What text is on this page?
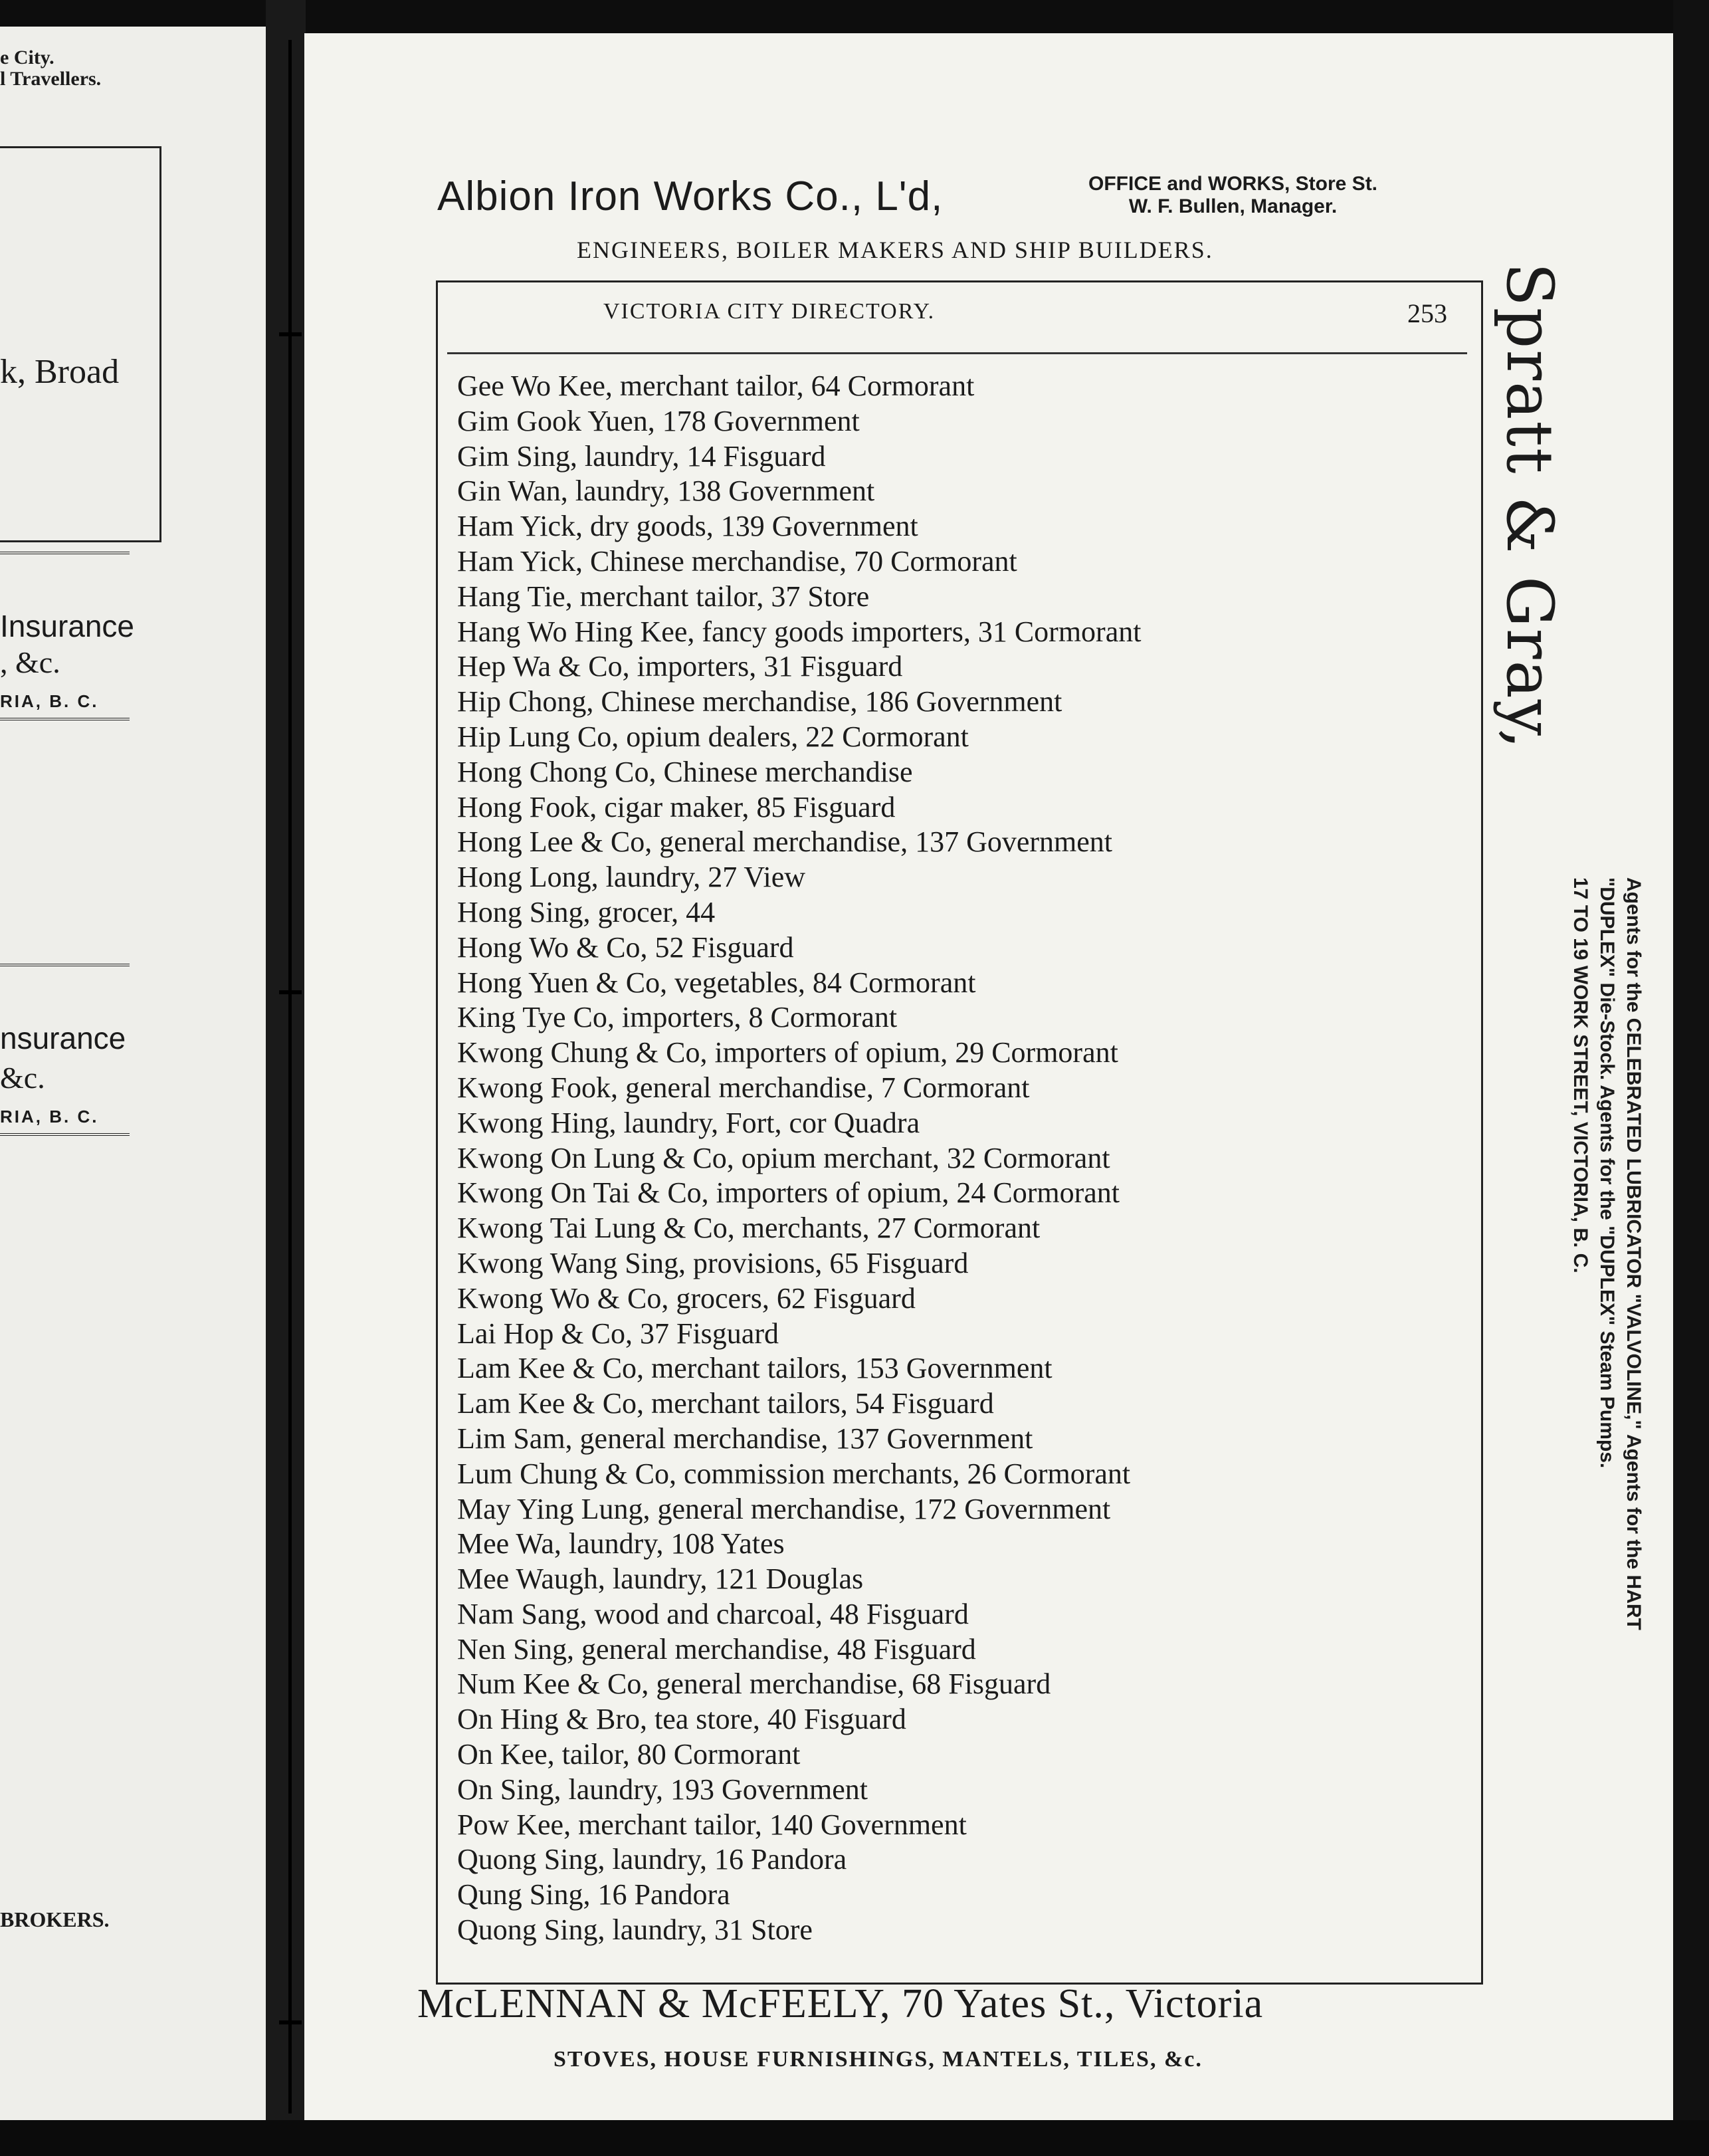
e City.
l Travellers.
k, Broad
Insurance
, &c.
RIA, B. C.
nsurance
&c.
RIA, B. C.
BROKERS.
Albion Iron Works Co., L'd,	OFFICE and WORKS, Store St.
W. F. Bullen, Manager.
ENGINEERS, BOILER MAKERS AND SHIP BUILDERS.
VICTORIA CITY DIRECTORY.	253
Gee Wo Kee, merchant tailor, 64 Cormorant
Gim Gook Yuen, 178 Government
Gim Sing, laundry, 14 Fisguard
Gin Wan, laundry, 138 Government
Ham Yick, dry goods, 139 Government
Ham Yick, Chinese merchandise, 70 Cormorant
Hang Tie, merchant tailor, 37 Store
Hang Wo Hing Kee, fancy goods importers, 31 Cormorant
Hep Wa & Co, importers, 31 Fisguard
Hip Chong, Chinese merchandise, 186 Government
Hip Lung Co, opium dealers, 22 Cormorant
Hong Chong Co, Chinese merchandise
Hong Fook, cigar maker, 85 Fisguard
Hong Lee & Co, general merchandise, 137 Government
Hong Long, laundry, 27 View
Hong Sing, grocer, 44
Hong Wo & Co, 52 Fisguard
Hong Yuen & Co, vegetables, 84 Cormorant
King Tye Co, importers, 8 Cormorant
Kwong Chung & Co, importers of opium, 29 Cormorant
Kwong Fook, general merchandise, 7 Cormorant
Kwong Hing, laundry, Fort, cor Quadra
Kwong On Lung & Co, opium merchant, 32 Cormorant
Kwong On Tai & Co, importers of opium, 24 Cormorant
Kwong Tai Lung & Co, merchants, 27 Cormorant
Kwong Wang Sing, provisions, 65 Fisguard
Kwong Wo & Co, grocers, 62 Fisguard
Lai Hop & Co, 37 Fisguard
Lam Kee & Co, merchant tailors, 153 Government
Lam Kee & Co, merchant tailors, 54 Fisguard
Lim Sam, general merchandise, 137 Government
Lum Chung & Co, commission merchants, 26 Cormorant
May Ying Lung, general merchandise, 172 Government
Mee Wa, laundry, 108 Yates
Mee Waugh, laundry, 121 Douglas
Nam Sang, wood and charcoal, 48 Fisguard
Nen Sing, general merchandise, 48 Fisguard
Num Kee & Co, general merchandise, 68 Fisguard
On Hing & Bro, tea store, 40 Fisguard
On Kee, tailor, 80 Cormorant
On Sing, laundry, 193 Government
Pow Kee, merchant tailor, 140 Government
Quong Sing, laundry, 16 Pandora
Qung Sing, 16 Pandora
Quong Sing, laundry, 31 Store
Spratt & Gray,
Agents for the CELEBRATED LUBRICATOR "VALVOLINE," Agents for the HART
"DUPLEX" Die-Stock. Agents for the "DUPLEX" Steam Pumps.
17 TO 19 WORK STREET, VICTORIA, B. C.
McLENNAN & McFEELY, 70 Yates St., Victoria
STOVES, HOUSE FURNISHINGS, MANTELS, TILES, &c.
